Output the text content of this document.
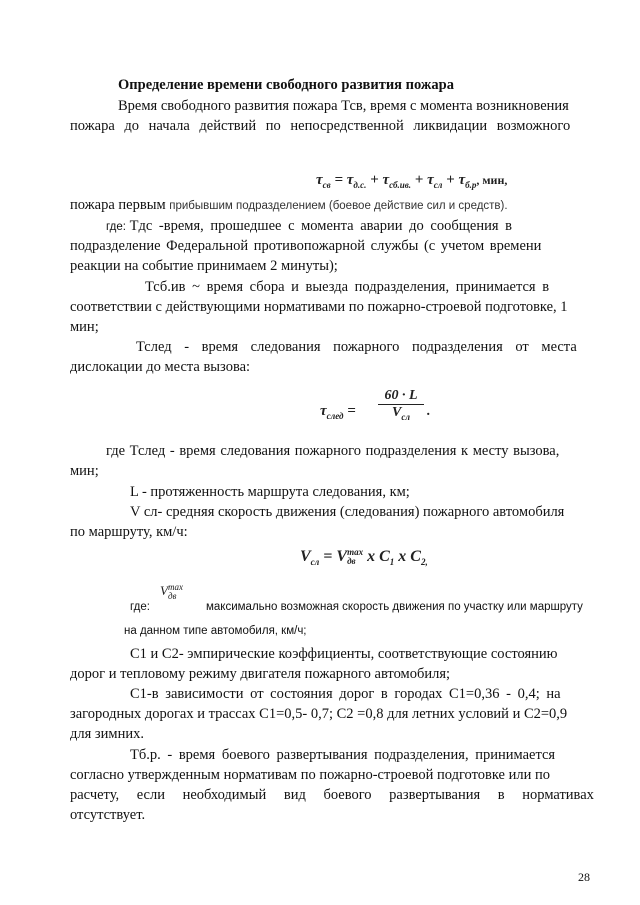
Определение времени свободного развития пожара
Время свободного развития пожара Тсв, время с момента возникновения
пожара до начала действий по непосредственной ликвидации возможного
$\tau_{св} = \tau_{д.с.} + \tau_{сб.ив.} + \tau_{сл} + \tau_{б.р}$, мин,
пожара первым прибывшим подразделением (боевое действие сил и средств).
где: Тдс -время, прошедшее с момента аварии до сообщения в
подразделение Федеральной противопожарной службы (с учетом времени
реакции на событие принимаем 2 минуты);
Тсб.ив ~ время сбора и выезда подразделения, принимается в
соответствии с действующими нормативами по пожарно-строевой подготовке, 1
мин;
Тслед - время следования пожарного подразделения от места
дислокации до места вызова:
$\tau_{след}$ =
60 · L
$V_{сл}$	.
где Тслед - время следования пожарного подразделения к месту вызова,
мин;
L - протяженность маршрута следования, км;
V сл- средняя скорость движения (следования) пожарного автомобиля
по маршруту, км/ч:
$V_{сл} = V$ max
дв x $C_1$ x $C_{2,}$
где:
V max
дв
максимально возможная скорость движения по участку или маршруту
на данном типе автомобиля, км/ч;
С1 и С2- эмпирические коэффициенты, соответствующие состоянию
дорог и тепловому режиму двигателя пожарного автомобиля;
С1-в зависимости от состояния дорог в городах С1=0,36 - 0,4; на
загородных дорогах и трассах С1=0,5- 0,7; С2 =0,8 для летних условий и С2=0,9
для зимних.
Тб.р. - время боевого развертывания подразделения, принимается
согласно утвержденным нормативам по пожарно-строевой подготовке или по
расчету, если необходимый вид боевого развертывания в нормативах
отсутствует.
28
